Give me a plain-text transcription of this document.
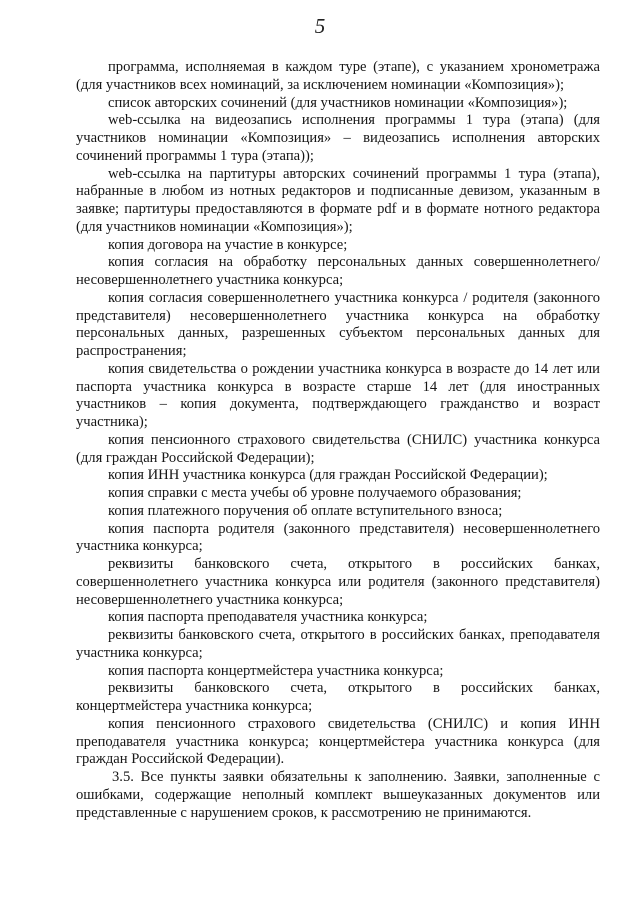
5

программа, исполняемая в каждом туре (этапе), с указанием хронометража (для участников всех номинаций, за исключением номинации «Композиция»);

список авторских сочинений (для участников номинации «Композиция»);

web-ссылка на видеозапись исполнения программы 1 тура (этапа) (для участников номинации «Композиция» – видеозапись исполнения авторских сочинений программы 1 тура (этапа));

web-ссылка на партитуры авторских сочинений программы 1 тура (этапа), набранные в любом из нотных редакторов и подписанные девизом, указанным в заявке; партитуры предоставляются в формате pdf и в формате нотного редактора (для участников номинации «Композиция»);

копия договора на участие в конкурсе;

копия согласия на обработку персональных данных совершеннолетнего/ несовершеннолетнего участника конкурса;

копия согласия совершеннолетнего участника конкурса / родителя (законного представителя) несовершеннолетнего участника конкурса на обработку персональных данных, разрешенных субъектом персональных данных для распространения;

копия свидетельства о рождении участника конкурса в возрасте до 14 лет или паспорта участника конкурса в возрасте старше 14 лет (для иностранных участников – копия документа, подтверждающего гражданство и возраст участника);

копия пенсионного страхового свидетельства (СНИЛС) участника конкурса (для граждан Российской Федерации);

копия ИНН участника конкурса (для граждан Российской Федерации);

копия справки с места учебы об уровне получаемого образования;

копия платежного поручения об оплате вступительного взноса;

копия паспорта родителя (законного представителя) несовершеннолетнего участника конкурса;

реквизиты банковского счета, открытого в российских банках, совершеннолетнего участника конкурса или родителя (законного представителя) несовершеннолетнего участника конкурса;

копия паспорта преподавателя участника конкурса;

реквизиты банковского счета, открытого в российских банках, преподавателя участника конкурса;

копия паспорта концертмейстера участника конкурса;

реквизиты банковского счета, открытого в российских банках, концертмейстера участника конкурса;

копия пенсионного страхового свидетельства (СНИЛС) и копия ИНН преподавателя участника конкурса; концертмейстера участника конкурса (для граждан Российской Федерации).

3.5. Все пункты заявки обязательны к заполнению. Заявки, заполненные с ошибками, содержащие неполный комплект вышеуказанных документов или представленные с нарушением сроков, к рассмотрению не принимаются.
